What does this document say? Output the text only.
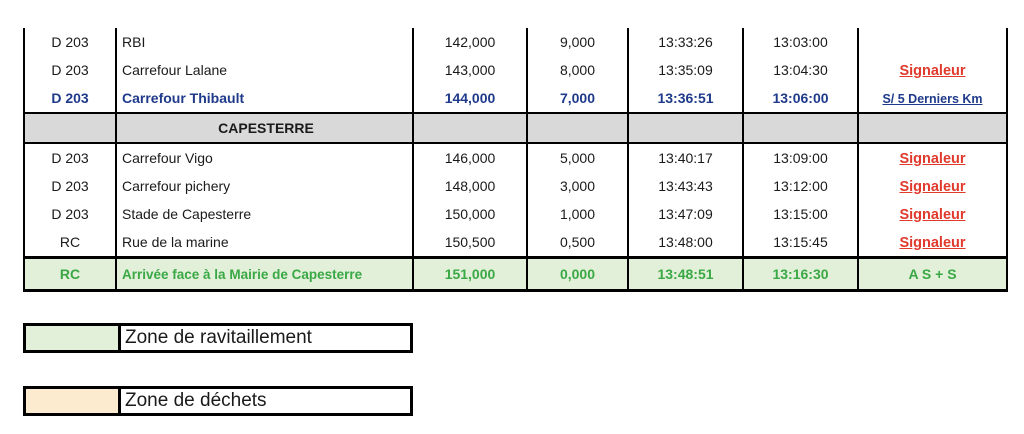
D 203	RBI	142,000	9,000	13:33:26	13:03:00	
D 203	Carrefour Lalane	143,000	8,000	13:35:09	13:04:30	Signaleur
D 203	Carrefour Thibault	144,000	7,000	13:36:51	13:06:00	S/ 5 Derniers Km
	CAPESTERRE					
D 203	Carrefour Vigo	146,000	5,000	13:40:17	13:09:00	Signaleur
D 203	Carrefour pichery	148,000	3,000	13:43:43	13:12:00	Signaleur
D 203	Stade de Capesterre	150,000	1,000	13:47:09	13:15:00	Signaleur
RC	Rue de la marine	150,500	0,500	13:48:00	13:15:45	Signaleur
RC	Arrivée face à la Mairie de Capesterre	151,000	0,000	13:48:51	13:16:30	A S + S
Zone de ravitaillement
Zone de déchets
